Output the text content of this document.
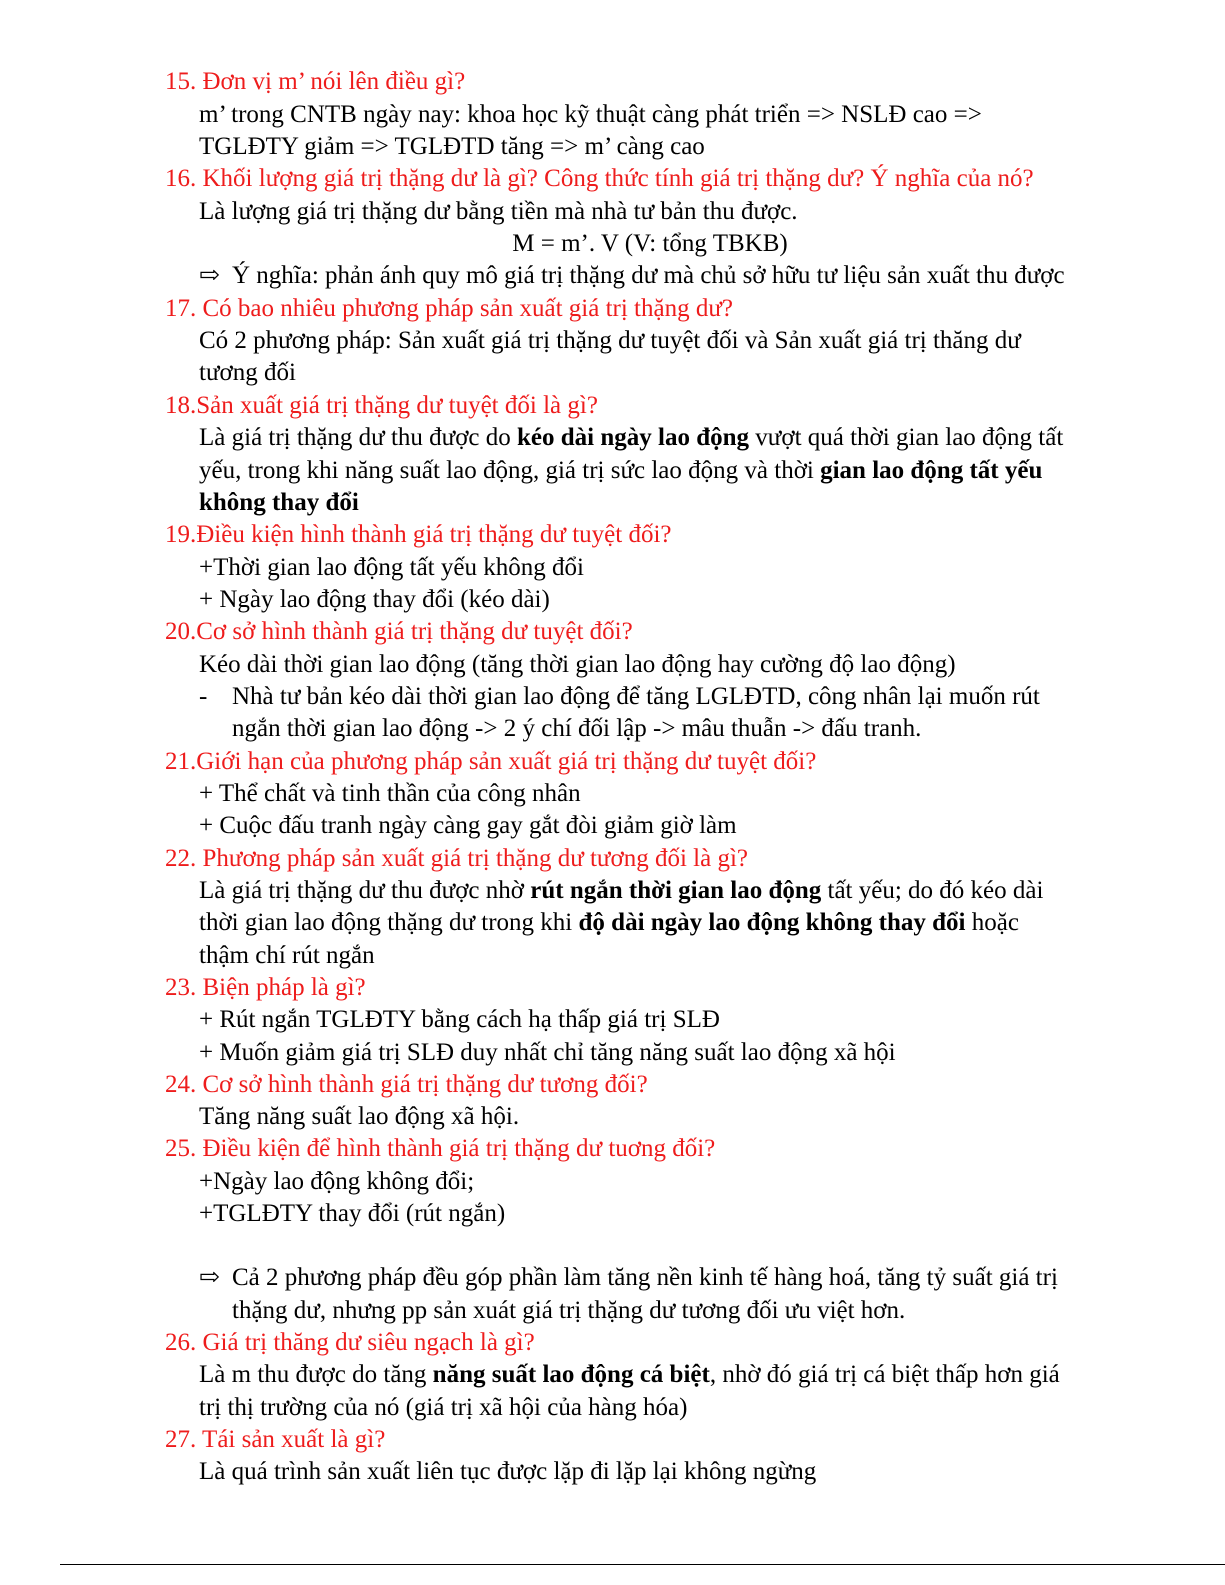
15. Đơn vị m’ nói lên điều gì?
m’ trong CNTB ngày nay: khoa học kỹ thuật càng phát triển => NSLĐ cao =>
TGLĐTY giảm => TGLĐTD tăng => m’ càng cao
16. Khối lượng giá trị thặng dư là gì? Công thức tính giá trị thặng dư? Ý nghĩa của nó?
Là lượng giá trị thặng dư bằng tiền mà nhà tư bản thu được.
M = m’. V (V: tổng TBKB)
⇨ Ý nghĩa: phản ánh quy mô giá trị thặng dư mà chủ sở hữu tư liệu sản xuất thu được
17. Có bao nhiêu phương pháp sản xuất giá trị thặng dư?
Có 2 phương pháp: Sản xuất giá trị thặng dư tuyệt đối và Sản xuất giá trị thăng dư
tương đối
18.Sản xuất giá trị thặng dư tuyệt đối là gì?
Là giá trị thặng dư thu được do kéo dài ngày lao động vượt quá thời gian lao động tất
yếu, trong khi năng suất lao động, giá trị sức lao động và thời gian lao động tất yếu
không thay đổi
19.Điều kiện hình thành giá trị thặng dư tuyệt đối?
+Thời gian lao động tất yếu không đổi
+ Ngày lao động thay đổi (kéo dài)
20.Cơ sở hình thành giá trị thặng dư tuyệt đối?
Kéo dài thời gian lao động (tăng thời gian lao động hay cường độ lao động)
- Nhà tư bản kéo dài thời gian lao động để tăng LGLĐTD, công nhân lại muốn rút
ngắn thời gian lao động -> 2 ý chí đối lập -> mâu thuẫn -> đấu tranh.
21.Giới hạn của phương pháp sản xuất giá trị thặng dư tuyệt đối?
+ Thể chất và tinh thần của công nhân
+ Cuộc đấu tranh ngày càng gay gắt đòi giảm giờ làm
22. Phương pháp sản xuất giá trị thặng dư tương đối là gì?
Là giá trị thặng dư thu được nhờ rút ngắn thời gian lao động tất yếu; do đó kéo dài
thời gian lao động thặng dư trong khi độ dài ngày lao động không thay đổi hoặc
thậm chí rút ngắn
23. Biện pháp là gì?
+ Rút ngắn TGLĐTY bằng cách hạ thấp giá trị SLĐ
+ Muốn giảm giá trị SLĐ duy nhất chỉ tăng năng suất lao động xã hội
24. Cơ sở hình thành giá trị thặng dư tương đối?
Tăng năng suất lao động xã hội.
25. Điều kiện để hình thành giá trị thặng dư tuơng đối?
+Ngày lao động không đổi;
+TGLĐTY thay đổi (rút ngắn)
⇨ Cả 2 phương pháp đều góp phần làm tăng nền kinh tế hàng hoá, tăng tỷ suất giá trị
thặng dư, nhưng pp sản xuát giá trị thặng dư tương đối ưu việt hơn.
26. Giá trị thăng dư siêu ngạch là gì?
Là m thu được do tăng năng suất lao động cá biệt, nhờ đó giá trị cá biệt thấp hơn giá
trị thị trường của nó (giá trị xã hội của hàng hóa)
27. Tái sản xuất là gì?
Là quá trình sản xuất liên tục được lặp đi lặp lại không ngừng
